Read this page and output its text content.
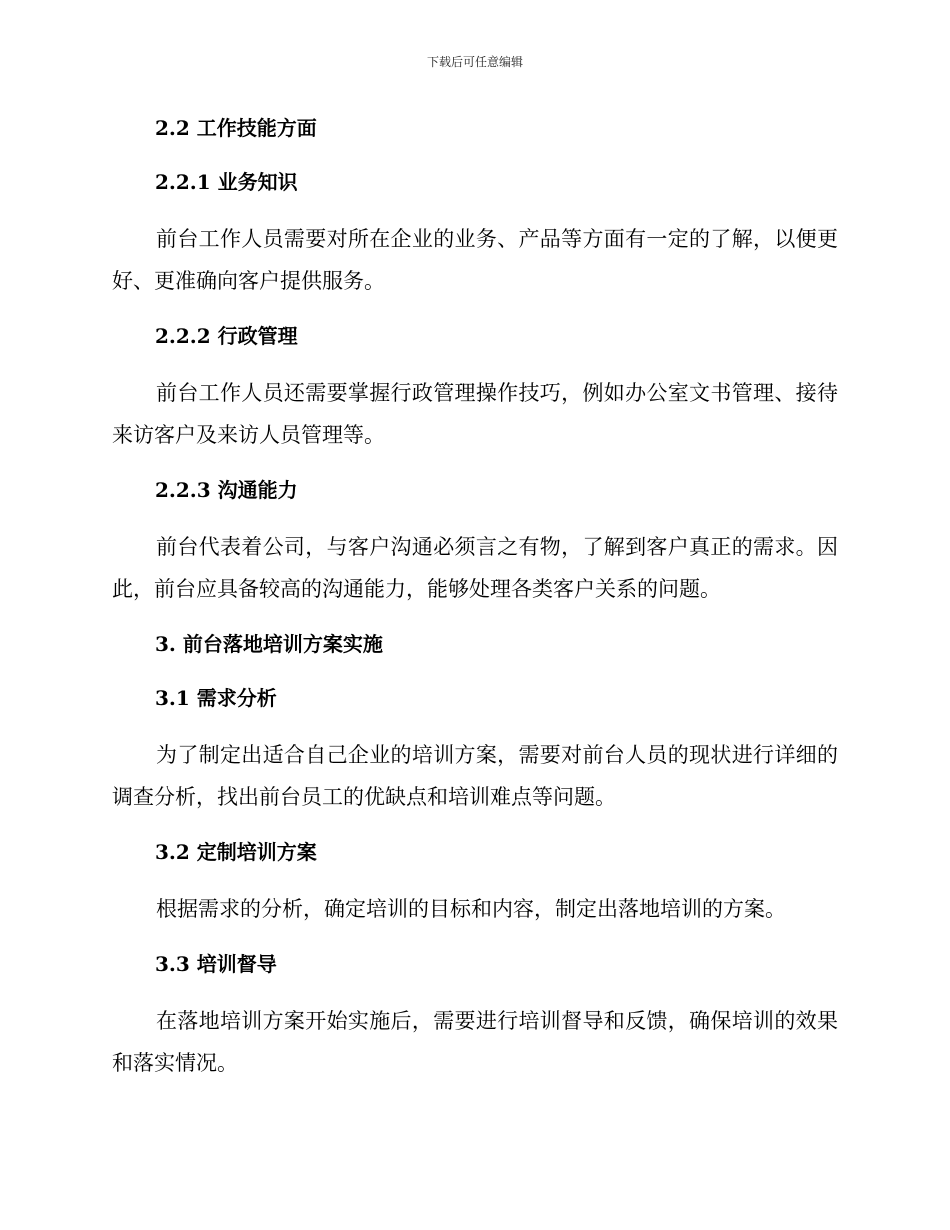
下载后可任意编辑
2.2 工作技能方面
2.2.1 业务知识

前台工作人员需要对所在企业的业务、产品等方面有一定的了解，以便更好、更准确向客户提供服务。

2.2.2 行政管理

前台工作人员还需要掌握行政管理操作技巧，例如办公室文书管理、接待来访客户及来访人员管理等。

2.2.3 沟通能力

前台代表着公司，与客户沟通必须言之有物，了解到客户真正的需求。因此，前台应具备较高的沟通能力，能够处理各类客户关系的问题。

3. 前台落地培训方案实施
3.1 需求分析

为了制定出适合自己企业的培训方案，需要对前台人员的现状进行详细的调查分析，找出前台员工的优缺点和培训难点等问题。

3.2 定制培训方案

根据需求的分析，确定培训的目标和内容，制定出落地培训的方案。

3.3 培训督导

在落地培训方案开始实施后，需要进行培训督导和反馈，确保培训的效果和落实情况。
